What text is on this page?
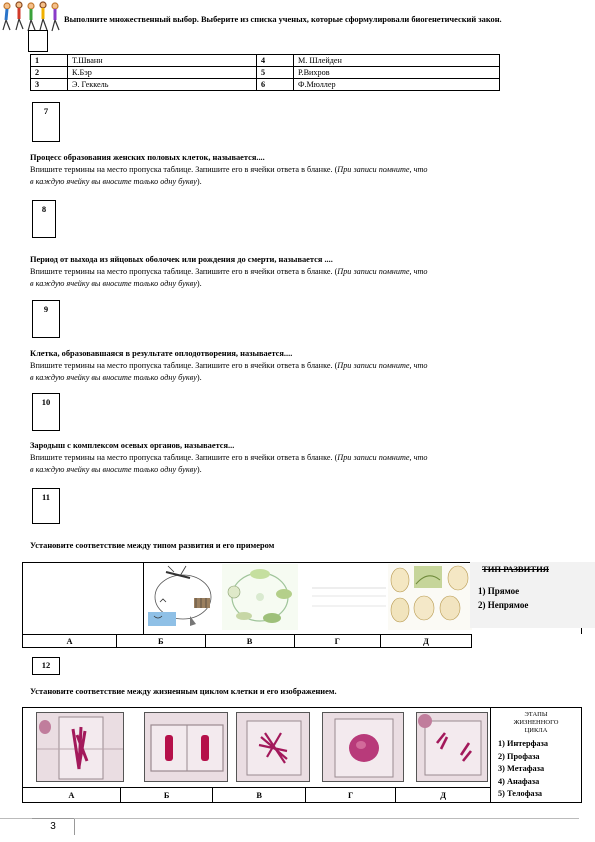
Выполните множественный выбор. Выберите из списка ученых, которые сформулировали биогенетический закон.
1	Т.Шванн	4	М. Шлейден
2	К.Бэр	5	Р.Вихров
3	Э. Геккель	6	Ф.Мюллер
7
Процесс образования женских половых клеток, называется....
Впишите термины на место пропуска таблице. Запишите его в ячейки ответа в бланке. (При записи помните, что в каждую ячейку вы вносите только одну букву).
8
Период от выхода из яйцовых оболочек или рождения до смерти, называется ....
Впишите термины на место пропуска таблице. Запишите его в ячейки ответа в бланке. (При записи помните, что в каждую ячейку вы вносите только одну букву).
9
Клетка, образовавшаяся в результате оплодотворения, называется....
Впишите термины на место пропуска таблице. Запишите его в ячейки ответа в бланке. (При записи помните, что в каждую ячейку вы вносите только одну букву).
10
Зародыш с комплексом осевых органов, называется...
Впишите термины на место пропуска таблице. Запишите его в ячейки ответа в бланке. (При записи помните, что в каждую ячейку вы вносите только одну букву).
11
Установите соответствие между типом развития и его примером
ТИП РАЗВИТИЯ
1) Прямое
2) Непрямое
А	Б	В	Г	Д
12
Установите соответствие между жизненным циклом клетки и его изображением.
А	Б	В	Г	Д
ЭТАПЫ
ЖИЗНЕННОГО
ЦИКЛА
1) Интерфаза
2) Профаза
3) Метафаза
4) Анафаза
5) Телофаза
3
